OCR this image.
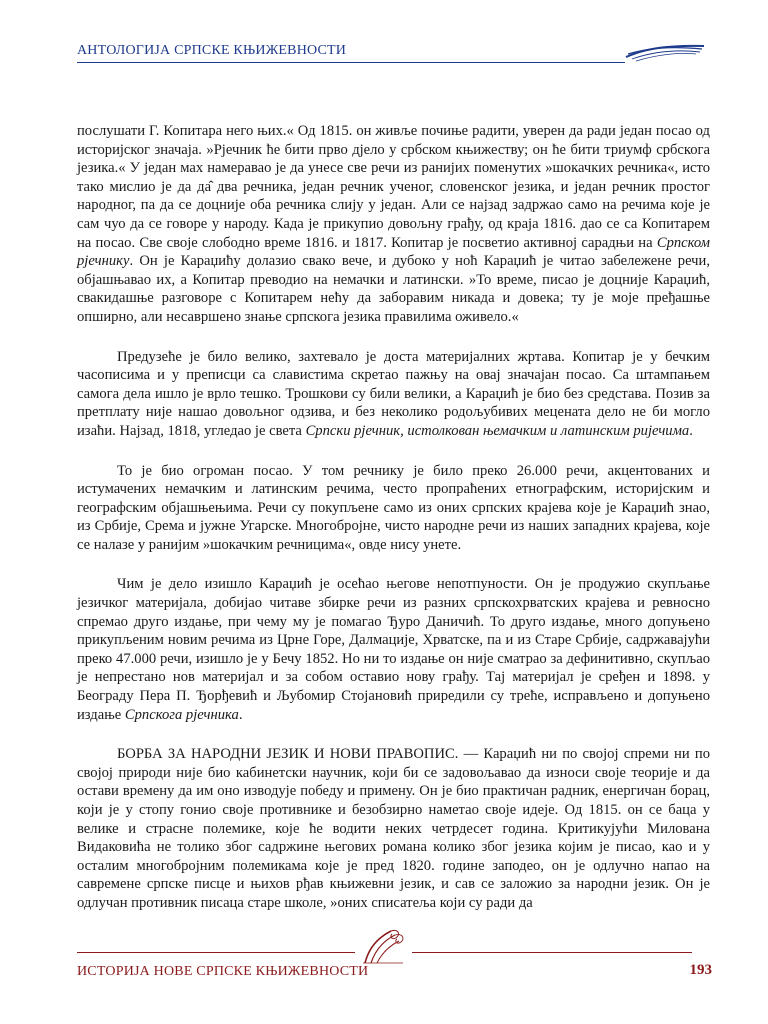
АНТОЛОГИЈА СРПСКЕ КЊИЖЕВНОСТИ

послушати Г. Копитара него њих.« Од 1815. он живље почиње радити, уверен да ради један посао од историјског значаја. »Рјечник ће бити прво дјело у србском књижеству; он ће бити триумф србскога језика.« У један мах намеравао је да унесе све речи из ранијих поменутих »шокачких речника«, исто тако мислио је да да̂ два речника, један речник ученог, словенског језика, и један речник простог народног, па да се доцније оба речника слију у један. Али се најзад задржао само на речима које је сам чуо да се говоре у народу. Када је прикупио довољну грађу, од краја 1816. дао се са Копитарем на посао. Све своје слободно време 1816. и 1817. Копитар је посветио активној сарадњи на Српском рјечнику. Он је Караџићу долазио свако вече, и дубоко у ноћ Караџић је читао забележене речи, објашњавао их, а Копитар преводио на немачки и латински. »То време, писао је доцније Караџић, свакидашње разговоре с Копитарем нећу да заборавим никада и довека; ту је моје пређашње опширно, али несавршено знање српскога језика правилима оживело.«

Предузеће је било велико, захтевало је доста материјалних жртава. Копитар је у бечким часописима и у преписци са славистима скретао пажњу на овај значајан посао. Са штампањем самога дела ишло је врло тешко. Трошкови су били велики, а Караџић је био без средстава. Позив за претплату није нашао довољног одзива, и без неколико родољубивих мецената дело не би могло изаћи. Најзад, 1818, угледао је света Српски рјечник, истолкован њемачким и латинским ријечима.

То је био огроман посао. У том речнику је било преко 26.000 речи, акцентованих и истумачених немачким и латинским речима, често пропраћених етнографским, историјским и географским објашњењима. Речи су покупљене само из оних српских крајева које је Караџић знао, из Србије, Срема и јужне Угарске. Многобројне, чисто народне речи из наших западних крајева, које се налазе у ранијим »шокачким речницима«, овде нису унете.

Чим је дело изишло Караџић је осећао његове непотпуности. Он је продужио скупљање језичког материјала, добијао читаве збирке речи из разних српскохрватских крајева и ревносно спремао друго издање, при чему му је помагао Ђуро Даничић. То друго издање, много допуњено прикупљеним новим речима из Црне Горе, Далмације, Хрватске, па и из Старе Србије, садржавајући преко 47.000 речи, изишло је у Бечу 1852. Но ни то издање он није сматрао за дефинитивно, скупљао је непрестано нов материјал и за собом оставио нову грађу. Тај материјал је сређен и 1898. у Београду Пера П. Ђорђевић и Љубомир Стојановић приредили су треће, исправљено и допуњено издање Српскога рјечника.

БОРБА ЗА НАРОДНИ ЈЕЗИК И НОВИ ПРАВОПИС. — Караџић ни по својој спреми ни по својој природи није био кабинетски научник, који би се задовољавао да износи своје теорије и да остави времену да им оно изводује победу и примену. Он је био практичан радник, енергичан борац, који је у стопу гонио своје противнике и безобзирно наметао своје идеје. Од 1815. он се баца у велике и страсне полемике, које ће водити неких четрдесет година. Критикујући Милована Видаковића не толико због садржине његових романа колико због језика којим је писао, као и у осталим многобројним полемикама које је пред 1820. године заподео, он је одлучно напао на савремене српске писце и њихов рђав књижевни језик, и сав се заложио за народни језик. Он је одлучан противник писаца старе школе, »оних списатеља који су ради да

ИСТОРИЈА НОВЕ СРПСКЕ КЊИЖЕВНОСТИ	193
